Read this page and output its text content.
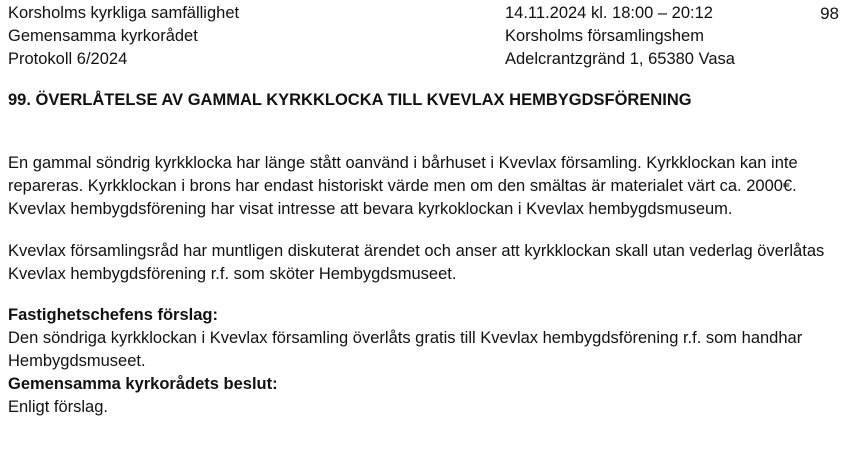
Korsholms kyrkliga samfällighet
Gemensamma kyrkorådet
Protokoll 6/2024
14.11.2024 kl. 18:00 – 20:12
Korsholms församlingshem
Adelcrantzgränd 1, 65380 Vasa
98
99. ÖVERLÅTELSE AV GAMMAL KYRKKLOCKA TILL KVEVLAX HEMBYGDSFÖRENING
En gammal söndrig kyrkklocka har länge stått oanvänd i bårhuset i Kvevlax församling. Kyrkklockan kan inte
repareras. Kyrkklockan i brons har endast historiskt värde men om den smältas är materialet värt ca. 2000€.
Kvevlax hembygdsförening har visat intresse att bevara kyrkoklockan i Kvevlax hembygdsmuseum.
Kvevlax församlingsråd har muntligen diskuterat ärendet och anser att kyrkklockan skall utan vederlag överlåtas
Kvevlax hembygdsförening r.f. som sköter Hembygdsmuseet.
Fastighetschefens förslag:
Den söndriga kyrkklockan i Kvevlax församling överlåts gratis till Kvevlax hembygdsförening r.f. som handhar
Hembygdsmuseet.
Gemensamma kyrkorådets beslut:
Enligt förslag.
